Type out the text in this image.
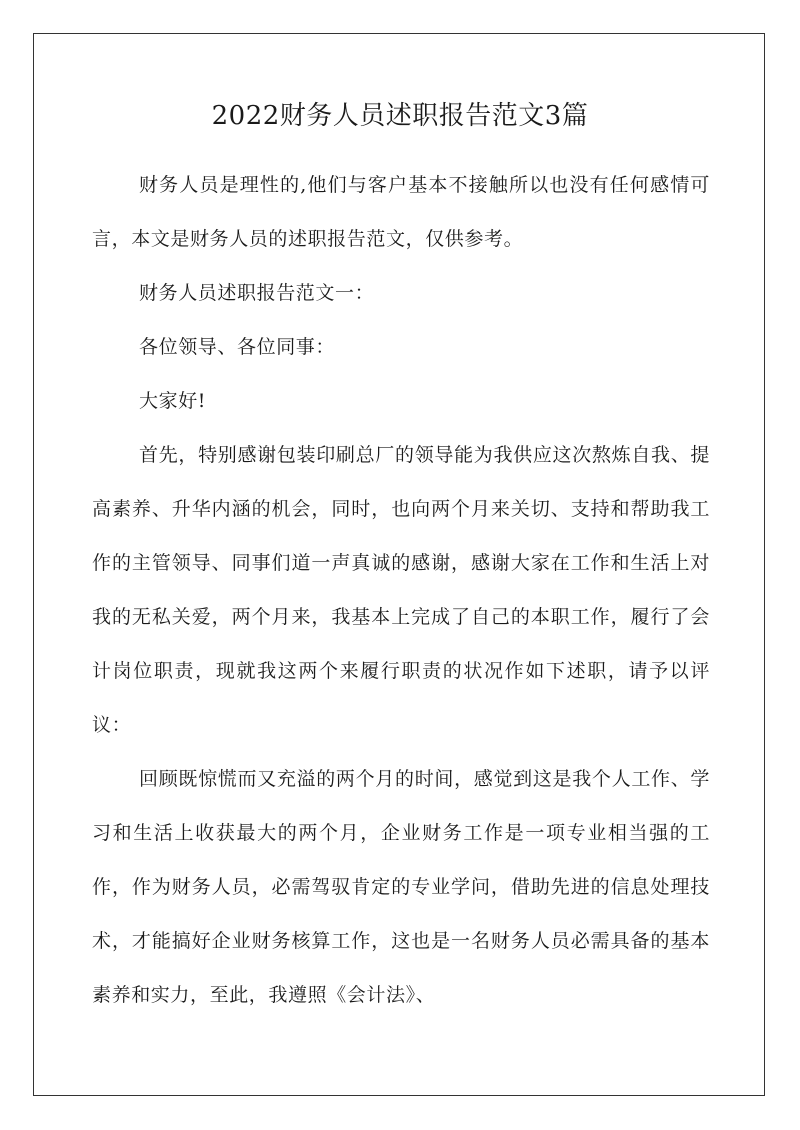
2022财务人员述职报告范文3篇

财务人员是理性的,他们与客户基本不接触所以也没有任何感情可言，本文是财务人员的述职报告范文，仅供参考。

财务人员述职报告范文一：

各位领导、各位同事：

大家好!

首先，特别感谢包装印刷总厂的领导能为我供应这次熬炼自我、提高素养、升华内涵的机会，同时，也向两个月来关切、支持和帮助我工作的主管领导、同事们道一声真诚的感谢，感谢大家在工作和生活上对我的无私关爱，两个月来，我基本上完成了自己的本职工作，履行了会计岗位职责，现就我这两个来履行职责的状况作如下述职，请予以评议：

回顾既惊慌而又充溢的两个月的时间，感觉到这是我个人工作、学习和生活上收获最大的两个月，企业财务工作是一项专业相当强的工作，作为财务人员，必需驾驭肯定的专业学问，借助先进的信息处理技术，才能搞好企业财务核算工作，这也是一名财务人员必需具备的基本素养和实力，至此，我遵照《会计法》、
